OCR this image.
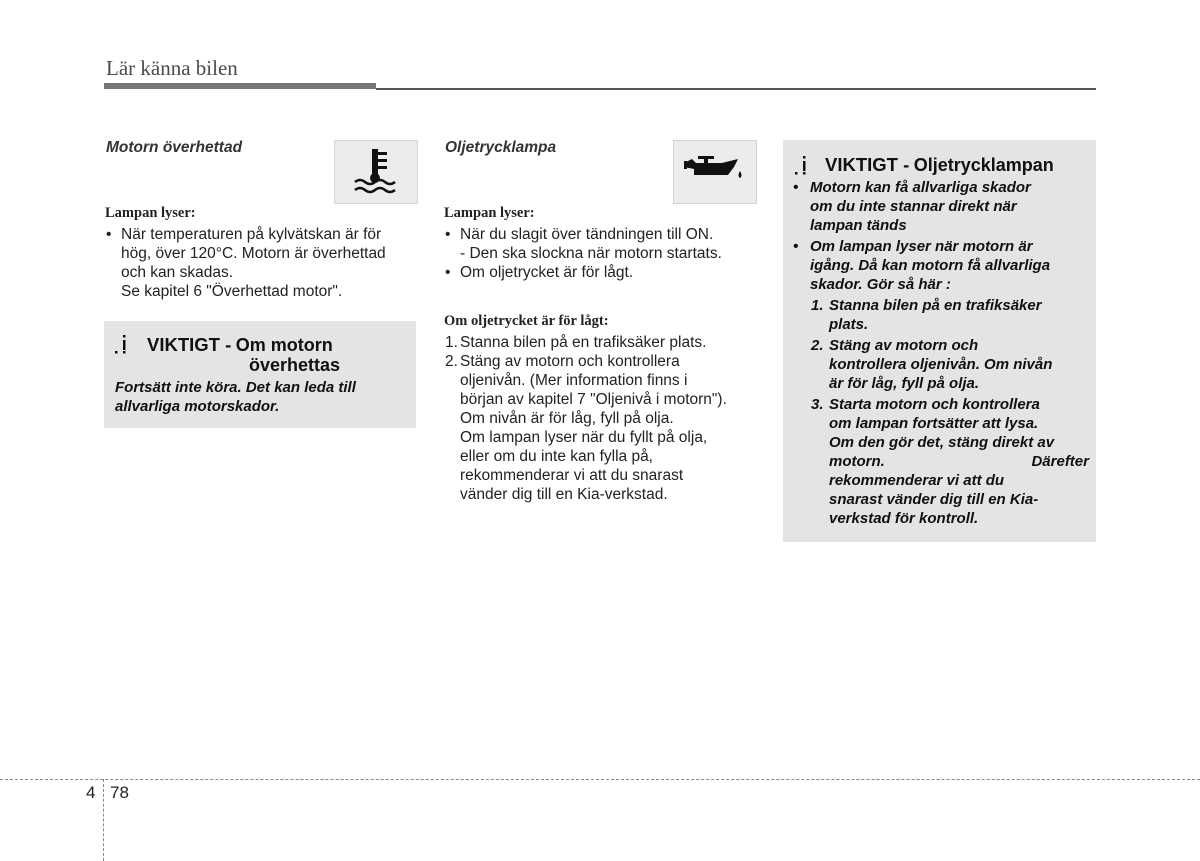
Lär känna bilen
Motorn överhettad
Lampan lyser:
• När temperaturen på kylvätskan är för
hög, över 120°C. Motorn är överhettad
och kan skadas.
Se kapitel 6 "Överhettad motor".
VIKTIGT - Om motorn
överhettas
Fortsätt inte köra. Det kan leda till
allvarliga motorskador.
Oljetrycklampa
Lampan lyser:
• När du slagit över tändningen till ON.
- Den ska slockna när motorn startats.
• Om oljetrycket är för lågt.
Om oljetrycket är för lågt:
1. Stanna bilen på en trafiksäker plats.
2. Stäng av motorn och kontrollera
oljenivån. (Mer information finns i
början av kapitel 7 "Oljenivå i motorn").
Om nivån är för låg, fyll på olja.
Om lampan lyser när du fyllt på olja,
eller om du inte kan fylla på,
rekommenderar vi att du snarast
vänder dig till en Kia-verkstad.
VIKTIGT - Oljetrycklampan
• Motorn kan få allvarliga skador
om du inte stannar direkt när
lampan tänds
• Om lampan lyser när motorn är
igång. Då kan motorn få allvarliga
skador. Gör så här :
1. Stanna bilen på en trafiksäker
plats.
2. Stäng av motorn och
kontrollera oljenivån. Om nivån
är för låg, fyll på olja.
3. Starta motorn och kontrollera
om lampan fortsätter att lysa.
Om den gör det, stäng direkt av
motorn. Därefter
rekommenderar vi att du
snarast vänder dig till en Kia-
verkstad för kontroll.
4 78
